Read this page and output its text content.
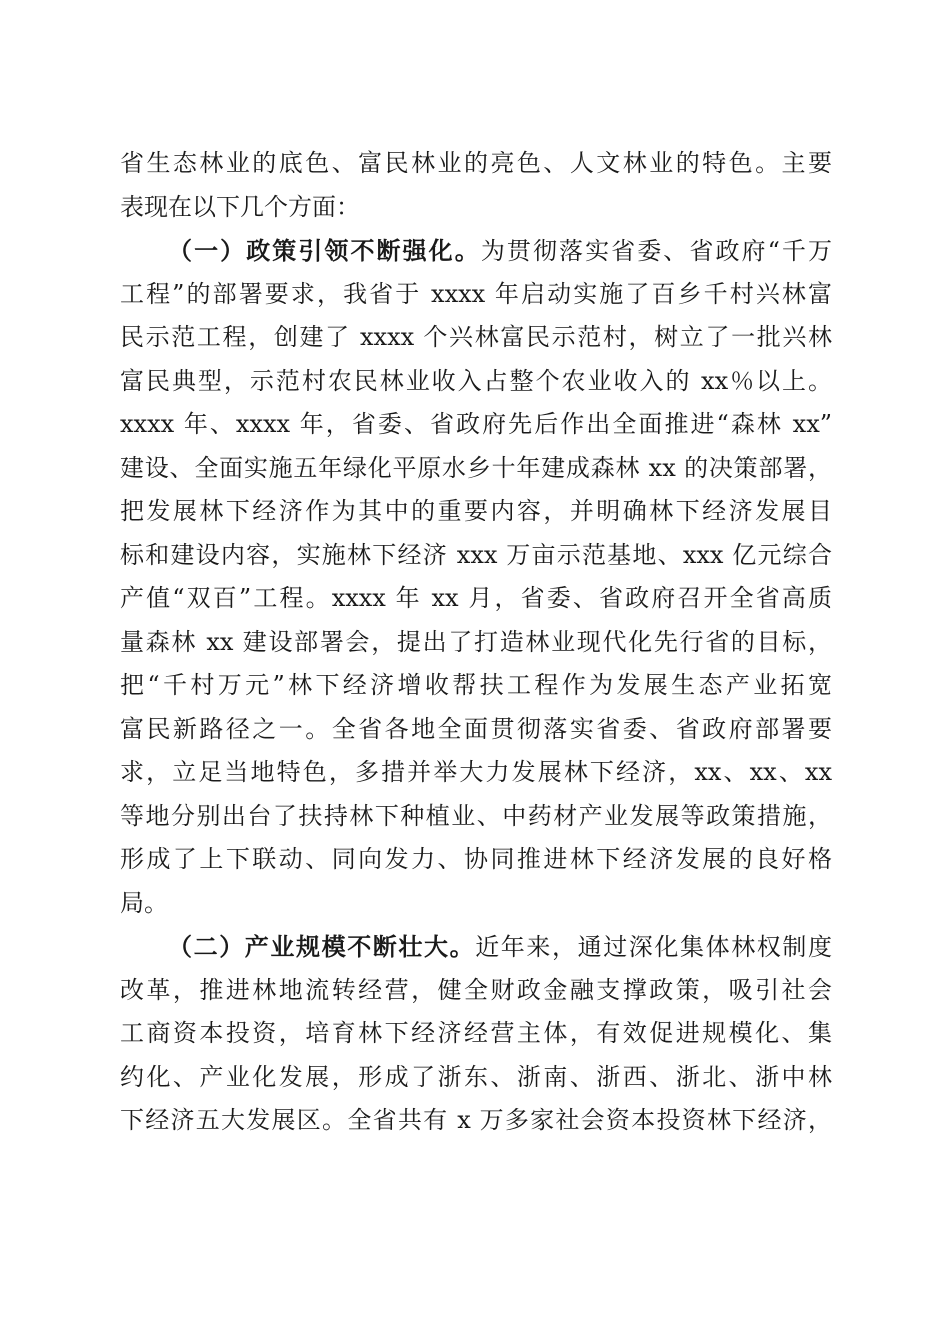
省生态林业的底色、富民林业的亮色、人文林业的特色。主要
表现在以下几个方面：
（一）政策引领不断强化。为贯彻落实省委、省政府“千万
工程”的部署要求，我省于 xxxx 年启动实施了百乡千村兴林富
民示范工程，创建了 xxxx 个兴林富民示范村，树立了一批兴林
富民典型，示范村农民林业收入占整个农业收入的 xx％以上。
xxxx 年、xxxx 年，省委、省政府先后作出全面推进“森林 xx”
建设、全面实施五年绿化平原水乡十年建成森林 xx 的决策部署，
把发展林下经济作为其中的重要内容，并明确林下经济发展目
标和建设内容，实施林下经济 xxx 万亩示范基地、xxx 亿元综合
产值“双百”工程。xxxx 年 xx 月，省委、省政府召开全省高质
量森林 xx 建设部署会，提出了打造林业现代化先行省的目标，
把“千村万元”林下经济增收帮扶工程作为发展生态产业拓宽
富民新路径之一。全省各地全面贯彻落实省委、省政府部署要
求，立足当地特色，多措并举大力发展林下经济，xx、xx、xx
等地分别出台了扶持林下种植业、中药材产业发展等政策措施，
形成了上下联动、同向发力、协同推进林下经济发展的良好格
局。
（二）产业规模不断壮大。近年来，通过深化集体林权制度
改革，推进林地流转经营，健全财政金融支撑政策，吸引社会
工商资本投资，培育林下经济经营主体，有效促进规模化、集
约化、产业化发展，形成了浙东、浙南、浙西、浙北、浙中林
下经济五大发展区。全省共有 x 万多家社会资本投资林下经济，
